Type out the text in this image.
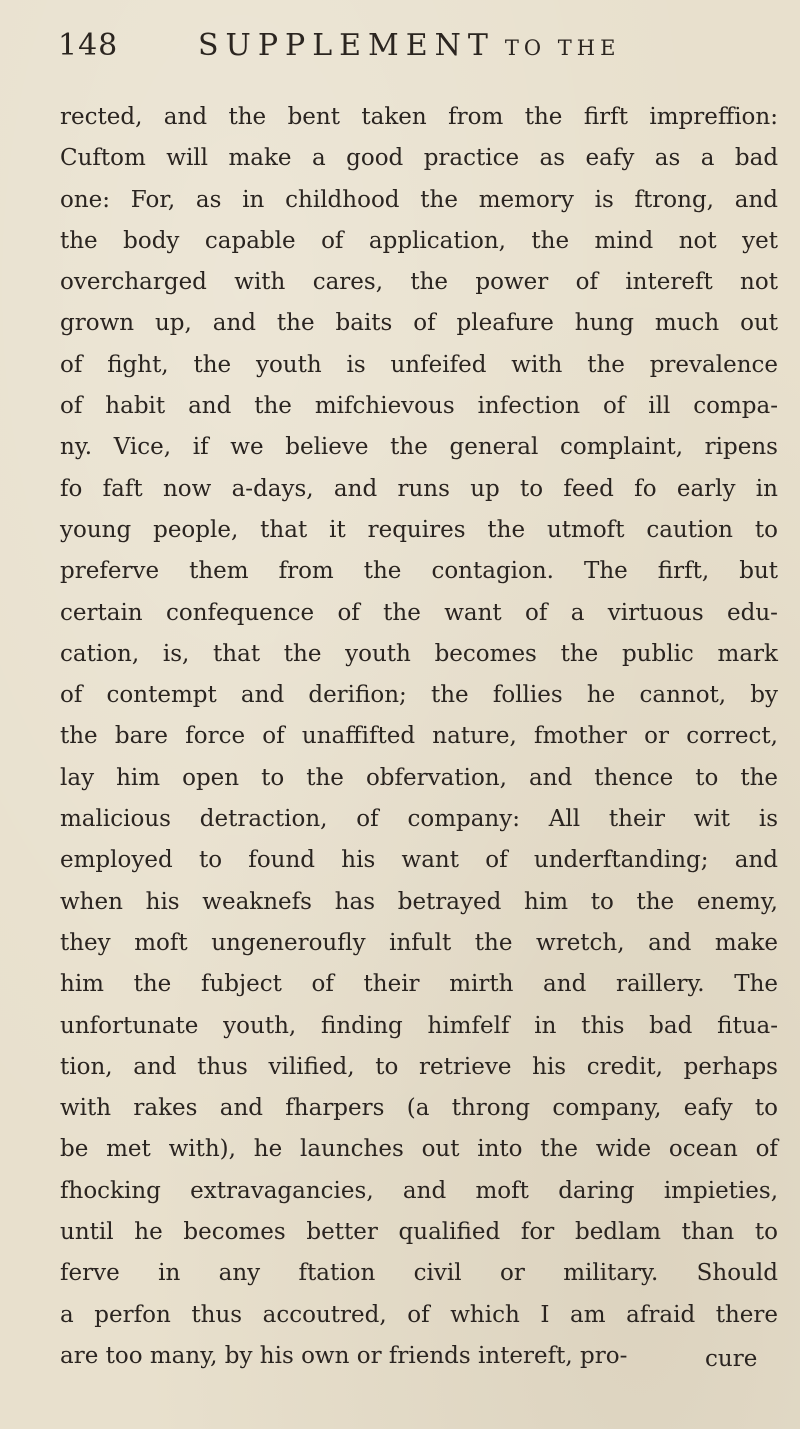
148	SUPPLEMENT TO THE
rected, and the bent taken from the firft impreffion:
Cuftom will make a good practice as eafy as a bad
one: For, as in childhood the memory is ftrong, and
the body capable of application, the mind not yet
overcharged with cares, the power of intereft not
grown up, and the baits of pleafure hung much out
of fight, the youth is unfeifed with the prevalence
of habit and the mifchievous infection of ill compa-
ny. Vice, if we believe the general complaint, ripens
fo faft now a-days, and runs up to feed fo early in
young people, that it requires the utmoft caution to
preferve them from the contagion. The firft, but
certain confequence of the want of a virtuous edu-
cation, is, that the youth becomes the public mark
of contempt and derifion; the follies he cannot, by
the bare force of unaffifted nature, fmother or correct,
lay him open to the obfervation, and thence to the
malicious detraction, of company: All their wit is
employed to found his want of underftanding; and
when his weaknefs has betrayed him to the enemy,
they moft ungeneroufly infult the wretch, and make
him the fubject of their mirth and raillery. The
unfortunate youth, finding himfelf in this bad fitua-
tion, and thus vilified, to retrieve his credit, perhaps
with rakes and fharpers (a throng company, eafy to
be met with), he launches out into the wide ocean of
fhocking extravagancies, and moft daring impieties,
until he becomes better qualified for bedlam than to
ferve in any ftation civil or military. Should
a perfon thus accoutred, of which I am afraid there
are too many, by his own or friends intereft, pro-	cure
